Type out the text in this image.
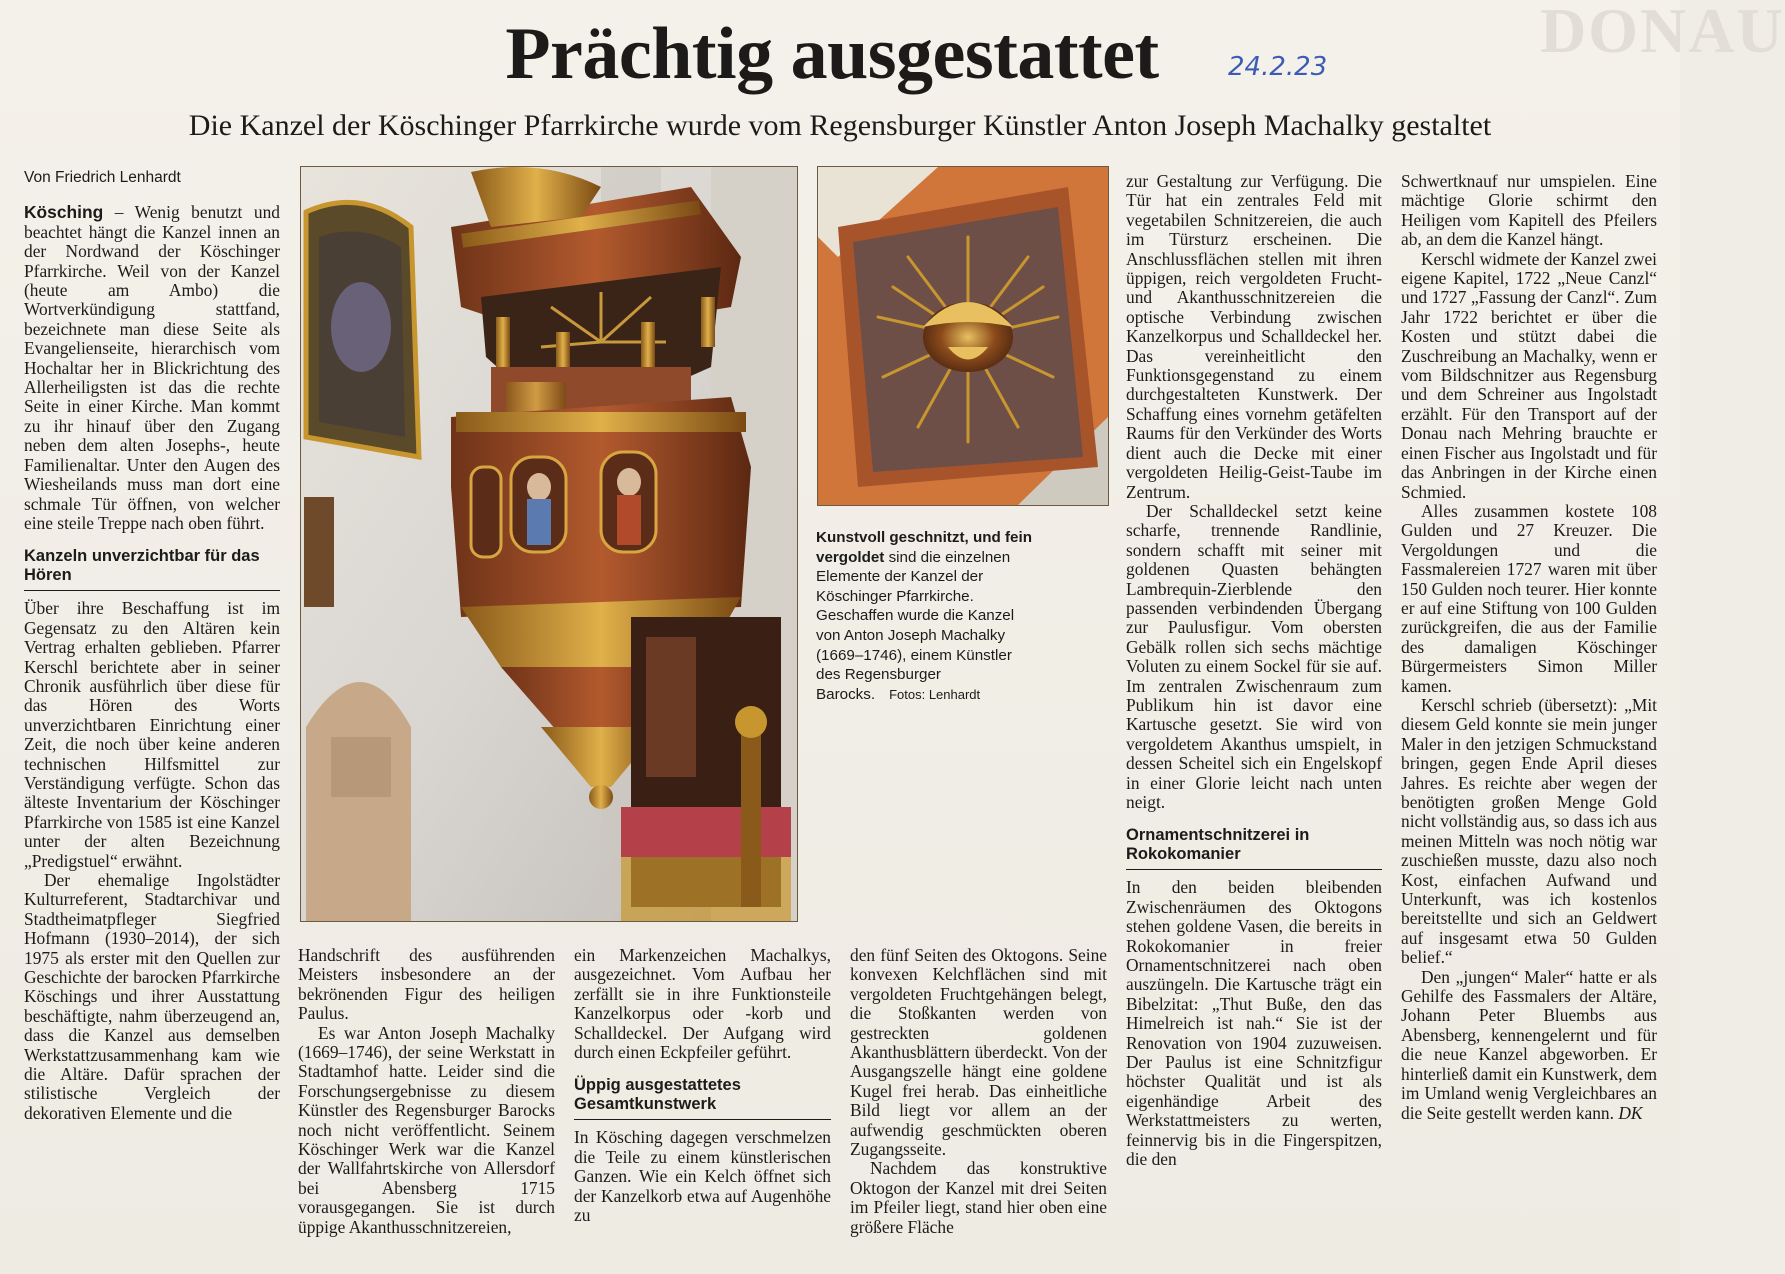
DONAU
Prächtig ausgestattet	24.2.23
Die Kanzel der Köschinger Pfarrkirche wurde vom Regensburger Künstler Anton Joseph Machalky gestaltet

Von Friedrich Lenhardt

Kösching – Wenig benutzt und beachtet hängt die Kanzel innen an der Nordwand der Köschinger Pfarrkirche. Weil von der Kanzel (heute am Ambo) die Wortverkündigung stattfand, bezeichnete man diese Seite als Evangelienseite, hierarchisch vom Hochaltar her in Blickrichtung des Allerheiligsten ist das die rechte Seite in einer Kirche. Man kommt zu ihr hinauf über den Zugang neben dem alten Josephs-, heute Familienaltar. Unter den Augen des Wiesheilands muss man dort eine schmale Tür öffnen, von welcher eine steile Treppe nach oben führt.

Kanzeln unverzichtbar für das Hören

Über ihre Beschaffung ist im Gegensatz zu den Altären kein Vertrag erhalten geblieben. Pfarrer Kerschl berichtete aber in seiner Chronik ausführlich über diese für das Hören des Worts unverzichtbaren Einrichtung einer Zeit, die noch über keine anderen technischen Hilfsmittel zur Verständigung verfügte. Schon das älteste Inventarium der Köschinger Pfarrkirche von 1585 ist eine Kanzel unter der alten Bezeichnung „Predigstuel“ erwähnt.

Der ehemalige Ingolstädter Kulturreferent, Stadtarchivar und Stadtheimatpfleger Siegfried Hofmann (1930–2014), der sich 1975 als erster mit den Quellen zur Geschichte der barocken Pfarrkirche Köschings und ihrer Ausstattung beschäftigte, nahm überzeugend an, dass die Kanzel aus demselben Werkstattzusammenhang kam wie die Altäre. Dafür sprachen der stilistische Vergleich der dekorativen Elemente und die

Kunstvoll geschnitzt, und fein vergoldet sind die einzelnen Elemente der Kanzel der Köschinger Pfarrkirche. Geschaffen wurde die Kanzel von Anton Joseph Machalky (1669–1746), einem Künstler des Regensburger Barocks. Fotos: Lenhardt

Handschrift des ausführenden Meisters insbesondere an der bekrönenden Figur des heiligen Paulus.

Es war Anton Joseph Machalky (1669–1746), der seine Werkstatt in Stadtamhof hatte. Leider sind die Forschungsergebnisse zu diesem Künstler des Regensburger Barocks noch nicht veröffentlicht. Seinem Köschinger Werk war die Kanzel der Wallfahrtskirche von Allersdorf bei Abensberg 1715 vorausgegangen. Sie ist durch üppige Akanthusschnitzereien,

ein Markenzeichen Machalkys, ausgezeichnet. Vom Aufbau her zerfällt sie in ihre Funktionsteile Kanzelkorpus oder -korb und Schalldeckel. Der Aufgang wird durch einen Eckpfeiler geführt.

Üppig ausgestattetes Gesamtkunstwerk

In Kösching dagegen verschmelzen die Teile zu einem künstlerischen Ganzen. Wie ein Kelch öffnet sich der Kanzelkorb etwa auf Augenhöhe zu

den fünf Seiten des Oktogons. Seine konvexen Kelchflächen sind mit vergoldeten Fruchtgehängen belegt, die Stoßkanten werden von gestreckten goldenen Akanthusblättern überdeckt. Von der Ausgangszelle hängt eine goldene Kugel frei herab. Das einheitliche Bild liegt vor allem an der aufwendig geschmückten oberen Zugangsseite.

Nachdem das konstruktive Oktogon der Kanzel mit drei Seiten im Pfeiler liegt, stand hier oben eine größere Fläche

zur Gestaltung zur Verfügung. Die Tür hat ein zentrales Feld mit vegetabilen Schnitzereien, die auch im Türsturz erscheinen. Die Anschlussflächen stellen mit ihren üppigen, reich vergoldeten Frucht- und Akanthusschnitzereien die optische Verbindung zwischen Kanzelkorpus und Schalldeckel her. Das vereinheitlicht den Funktionsgegenstand zu einem durchgestalteten Kunstwerk. Der Schaffung eines vornehm getäfelten Raums für den Verkünder des Worts dient auch die Decke mit einer vergoldeten Heilig-Geist-Taube im Zentrum.

Der Schalldeckel setzt keine scharfe, trennende Randlinie, sondern schafft mit seiner mit goldenen Quasten behängten Lambrequin-Zierblende den passenden verbindenden Übergang zur Paulusfigur. Vom obersten Gebälk rollen sich sechs mächtige Voluten zu einem Sockel für sie auf. Im zentralen Zwischenraum zum Publikum hin ist davor eine Kartusche gesetzt. Sie wird von vergoldetem Akanthus umspielt, in dessen Scheitel sich ein Engelskopf in einer Glorie leicht nach unten neigt.

Ornamentschnitzerei in Rokokomanier

In den beiden bleibenden Zwischenräumen des Oktogons stehen goldene Vasen, die bereits in Rokokomanier in freier Ornamentschnitzerei nach oben auszüngeln. Die Kartusche trägt ein Bibelzitat: „Thut Buße, den das Himelreich ist nah.“ Sie ist der Renovation von 1904 zuzuweisen. Der Paulus ist eine Schnitzfigur höchster Qualität und ist als eigenhändige Arbeit des Werkstattmeisters zu werten, feinnervig bis in die Fingerspitzen, die den

Schwertknauf nur umspielen. Eine mächtige Glorie schirmt den Heiligen vom Kapitell des Pfeilers ab, an dem die Kanzel hängt.

Kerschl widmete der Kanzel zwei eigene Kapitel, 1722 „Neue Canzl“ und 1727 „Fassung der Canzl“. Zum Jahr 1722 berichtet er über die Kosten und stützt dabei die Zuschreibung an Machalky, wenn er vom Bildschnitzer aus Regensburg und dem Schreiner aus Ingolstadt erzählt. Für den Transport auf der Donau nach Mehring brauchte er einen Fischer aus Ingolstadt und für das Anbringen in der Kirche einen Schmied.

Alles zusammen kostete 108 Gulden und 27 Kreuzer. Die Vergoldungen und die Fassmalereien 1727 waren mit über 150 Gulden noch teurer. Hier konnte er auf eine Stiftung von 100 Gulden zurückgreifen, die aus der Familie des damaligen Köschinger Bürgermeisters Simon Miller kamen.

Kerschl schrieb (übersetzt): „Mit diesem Geld konnte sie mein junger Maler in den jetzigen Schmuckstand bringen, gegen Ende April dieses Jahres. Es reichte aber wegen der benötigten großen Menge Gold nicht vollständig aus, so dass ich aus meinen Mitteln was noch nötig war zuschießen musste, dazu also noch Kost, einfachen Aufwand und Unterkunft, was ich kostenlos bereitstellte und sich an Geldwert auf insgesamt etwa 50 Gulden belief.“

Den „jungen“ Maler“ hatte er als Gehilfe des Fassmalers der Altäre, Johann Peter Bluembs aus Abensberg, kennengelernt und für die neue Kanzel abgeworben. Er hinterließ damit ein Kunstwerk, dem im Umland wenig Vergleichbares an die Seite gestellt werden kann. DK
